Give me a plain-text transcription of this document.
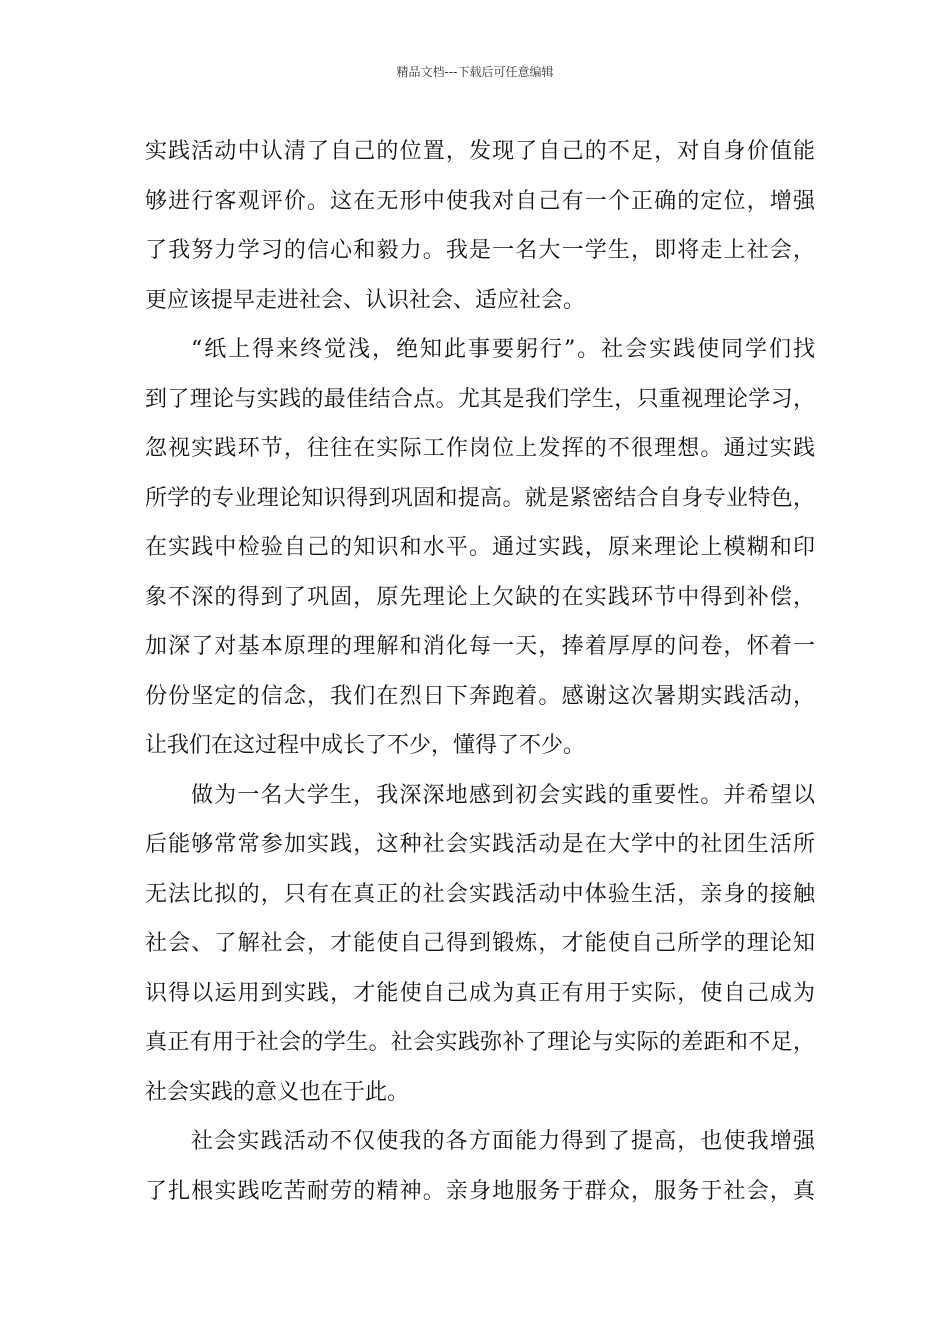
精品文档---下载后可任意编辑
实践活动中认清了自己的位置，发现了自己的不足，对自身价值能
够进行客观评价。这在无形中使我对自己有一个正确的定位，增强
了我努力学习的信心和毅力。我是一名大一学生，即将走上社会，
更应该提早走进社会、认识社会、适应社会。
“纸上得来终觉浅，绝知此事要躬行”。社会实践使同学们找
到了理论与实践的最佳结合点。尤其是我们学生，只重视理论学习，
忽视实践环节，往往在实际工作岗位上发挥的不很理想。通过实践
所学的专业理论知识得到巩固和提高。就是紧密结合自身专业特色，
在实践中检验自己的知识和水平。通过实践，原来理论上模糊和印
象不深的得到了巩固，原先理论上欠缺的在实践环节中得到补偿，
加深了对基本原理的理解和消化每一天，捧着厚厚的问卷，怀着一
份份坚定的信念，我们在烈日下奔跑着。感谢这次暑期实践活动，
让我们在这过程中成长了不少，懂得了不少。
做为一名大学生，我深深地感到初会实践的重要性。并希望以
后能够常常参加实践，这种社会实践活动是在大学中的社团生活所
无法比拟的，只有在真正的社会实践活动中体验生活，亲身的接触
社会、了解社会，才能使自己得到锻炼，才能使自己所学的理论知
识得以运用到实践，才能使自己成为真正有用于实际，使自己成为
真正有用于社会的学生。社会实践弥补了理论与实际的差距和不足，
社会实践的意义也在于此。
社会实践活动不仅使我的各方面能力得到了提高，也使我增强
了扎根实践吃苦耐劳的精神。亲身地服务于群众，服务于社会，真
